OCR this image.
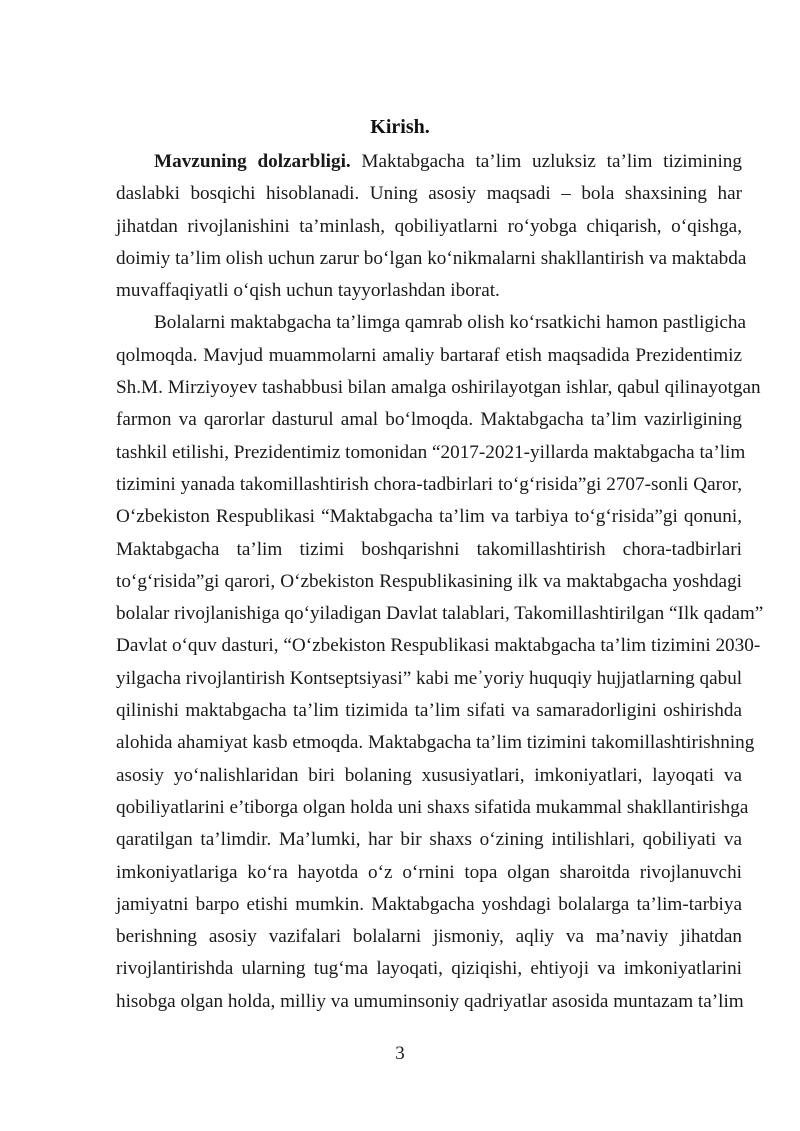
Kirish.
Mavzuning dolzarbligi. Maktabgacha ta’lim uzluksiz ta’lim tizimining
daslabki bosqichi hisoblanadi. Uning asosiy maqsadi – bola shaxsining har
jihatdan rivojlanishini ta’minlash, qobiliyatlarni ro‘yobga chiqarish, o‘qishga,
doimiy ta’lim olish uchun zarur bo‘lgan ko‘nikmalarni shakllantirish va maktabda
muvaffaqiyatli o‘qish uchun tayyorlashdan iborat.
Bolalarni maktabgacha ta’limga qamrab olish ko‘rsatkichi hamon pastligicha
qolmoqda. Mavjud muammolarni amaliy bartaraf etish maqsadida Prezidentimiz
Sh.M. Mirziyoyev tashabbusi bilan amalga oshirilayotgan ishlar, qabul qilinayotgan
farmon va qarorlar dasturul amal bo‘lmoqda. Maktabgacha ta’lim vazirligining
tashkil etilishi, Prezidentimiz tomonidan “2017-2021-yillarda maktabgacha ta’lim
tizimini yanada takomillashtirish chora-tadbirlari to‘g‘risida”gi 2707-sonli Qaror,
O‘zbekiston Respublikasi “Maktabgacha ta’lim va tarbiya to‘g‘risida”gi qonuni,
Maktabgacha ta’lim tizimi boshqarishni takomillashtirish chora-tadbirlari
to‘g‘risida”gi qarori, O‘zbekiston Respublikasining ilk va maktabgacha yoshdagi
bolalar rivojlanishiga qo‘yiladigan Davlat talablari, Takomillashtirilgan “Ilk qadam”
Davlat o‘quv dasturi, “O‘zbekiston Respublikasi maktabgacha ta’lim tizimini 2030-
yilgacha rivojlantirish Kontseptsiyasi” kabi me᾽yoriy huquqiy hujjatlarning qabul
qilinishi maktabgacha ta’lim tizimida ta’lim sifati va samaradorligini oshirishda
alohida ahamiyat kasb etmoqda. Maktabgacha ta’lim tizimini takomillashtirishning
asosiy yo‘nalishlaridan biri bolaning xususiyatlari, imkoniyatlari, layoqati va
qobiliyatlarini e’tiborga olgan holda uni shaxs sifatida mukammal shakllantirishga
qaratilgan ta’limdir. Ma’lumki, har bir shaxs o‘zining intilishlari, qobiliyati va
imkoniyatlariga ko‘ra hayotda o‘z o‘rnini topa olgan sharoitda rivojlanuvchi
jamiyatni barpo etishi mumkin. Maktabgacha yoshdagi bolalarga ta’lim-tarbiya
berishning asosiy vazifalari bolalarni jismoniy, aqliy va ma’naviy jihatdan
rivojlantirishda ularning tug‘ma layoqati, qiziqishi, ehtiyoji va imkoniyatlarini
hisobga olgan holda, milliy va umuminsoniy qadriyatlar asosida muntazam ta’lim
3
